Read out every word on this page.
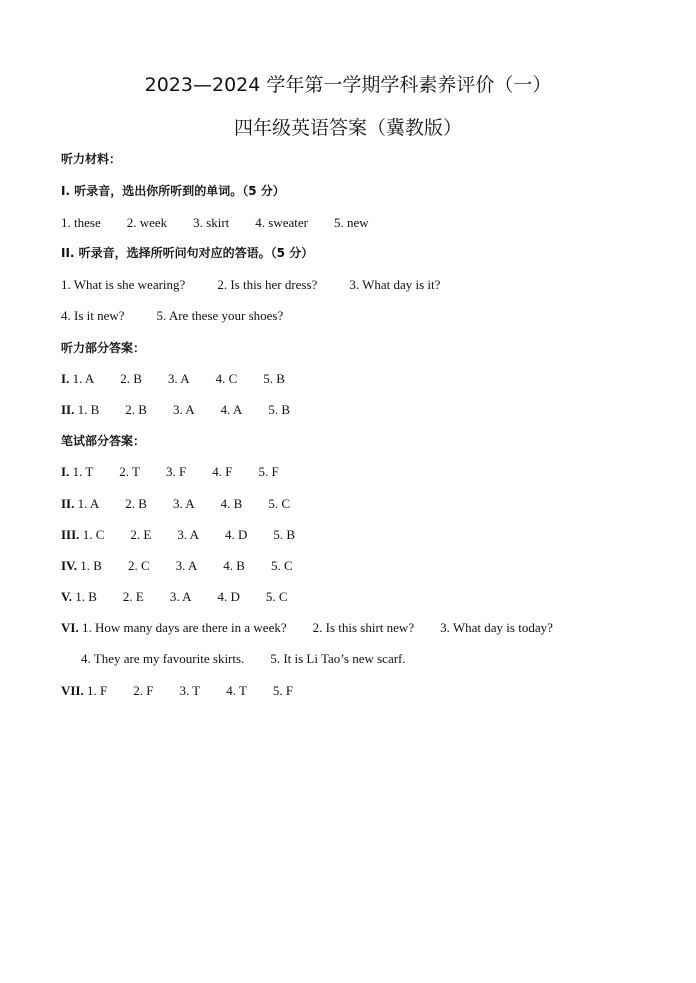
2023—2024 学年第一学期学科素养评价（一）
四年级英语答案（冀教版）
听力材料：
I. 听录音，选出你所听到的单词。（5 分）
1. these 2. week 3. skirt 4. sweater 5. new
II. 听录音，选择所听问句对应的答语。（5 分）
1. What is she wearing? 2. Is this her dress? 3. What day is it?
4. Is it new? 5. Are these your shoes?
听力部分答案：
I. 1. A 2. B 3. A 4. C 5. B
II. 1. B 2. B 3. A 4. A 5. B
笔试部分答案：
I. 1. T 2. T 3. F 4. F 5. F
II. 1. A 2. B 3. A 4. B 5. C
III. 1. C 2. E 3. A 4. D 5. B
IV. 1. B 2. C 3. A 4. B 5. C
V. 1. B 2. E 3. A 4. D 5. C
VI. 1. How many days are there in a week? 2. Is this shirt new? 3. What day is today?
4. They are my favourite skirts. 5. It is Li Tao’s new scarf.
VII. 1. F 2. F 3. T 4. T 5. F
